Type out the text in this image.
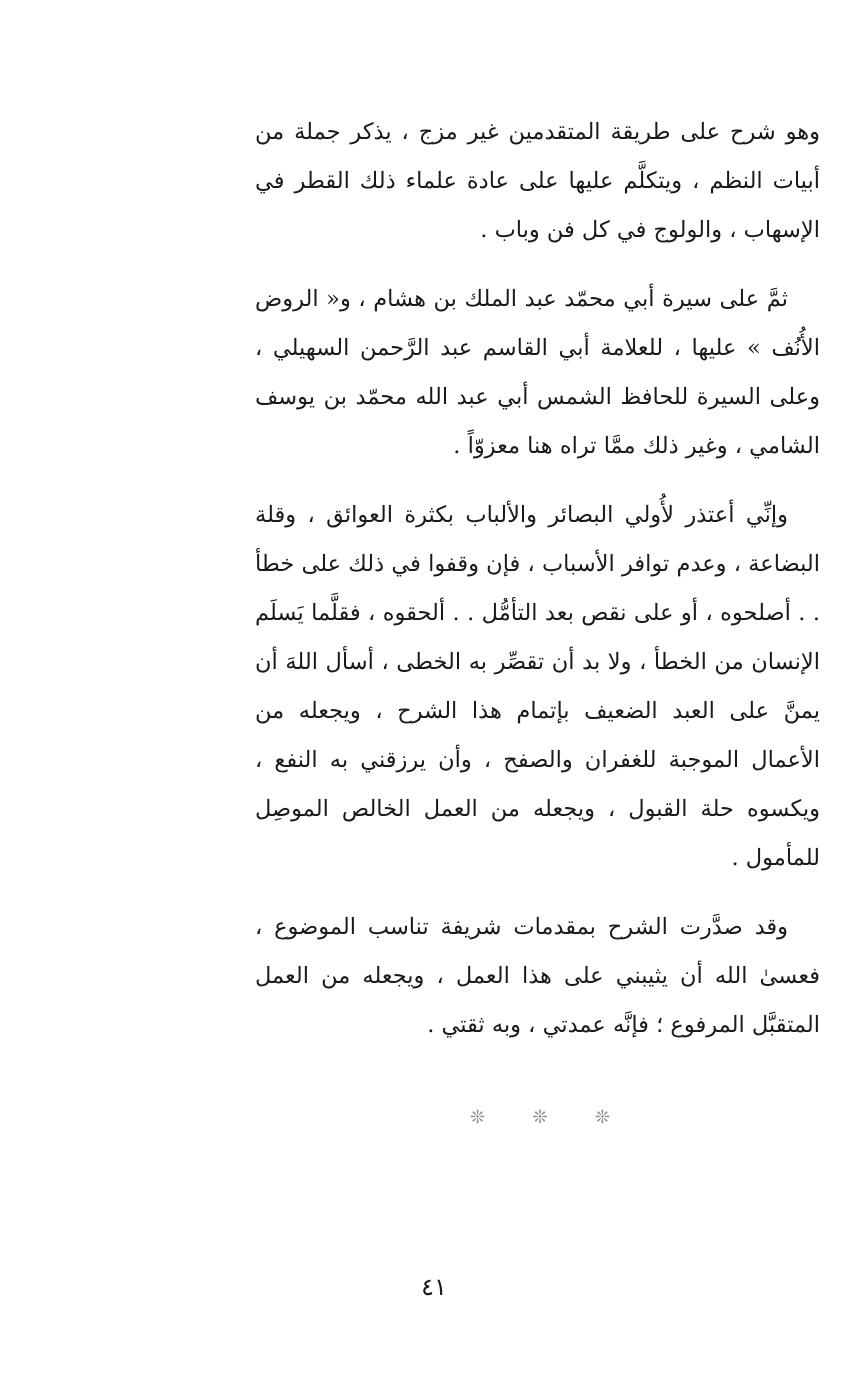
وهو شرح على طريقة المتقدمين غير مزج ، يذكر جملة من أبيات النظم ، ويتكلَّم عليها على عادة علماء ذلك القطر في الإسهاب ، والولوج في كل فن وباب .

ثمَّ على سيرة أبي محمّد عبد الملك بن هشام ، و« الروض الأُنُف » عليها ، للعلامة أبي القاسم عبد الرَّحمن السهيلي ، وعلى السيرة للحافظ الشمس أبي عبد الله محمّد بن يوسف الشامي ، وغير ذلك ممَّا تراه هنا معزوّاً .

وإنِّي أعتذر لأُولي البصائر والألباب بكثرة العوائق ، وقلة البضاعة ، وعدم توافر الأسباب ، فإن وقفوا في ذلك على خطأ . . أصلحوه ، أو على نقص بعد التأمُّل . . ألحقوه ، فقلَّما يَسلَم الإنسان من الخطأ ، ولا بد أن تقصِّر به الخطى ، أسأل اللهَ أن يمنَّ على العبد الضعيف بإتمام هذا الشرح ، ويجعله من الأعمال الموجبة للغفران والصفح ، وأن يرزقني به النفع ، ويكسوه حلة القبول ، ويجعله من العمل الخالص الموصِل للمأمول .

وقد صدَّرت الشرح بمقدمات شريفة تناسب الموضوع ، فعسىٰ الله أن يثيبني على هذا العمل ، ويجعله من العمل المتقبَّل المرفوع ؛ فإنَّه عمدتي ، وبه ثقتي .

❊	❊	❊
٤١
